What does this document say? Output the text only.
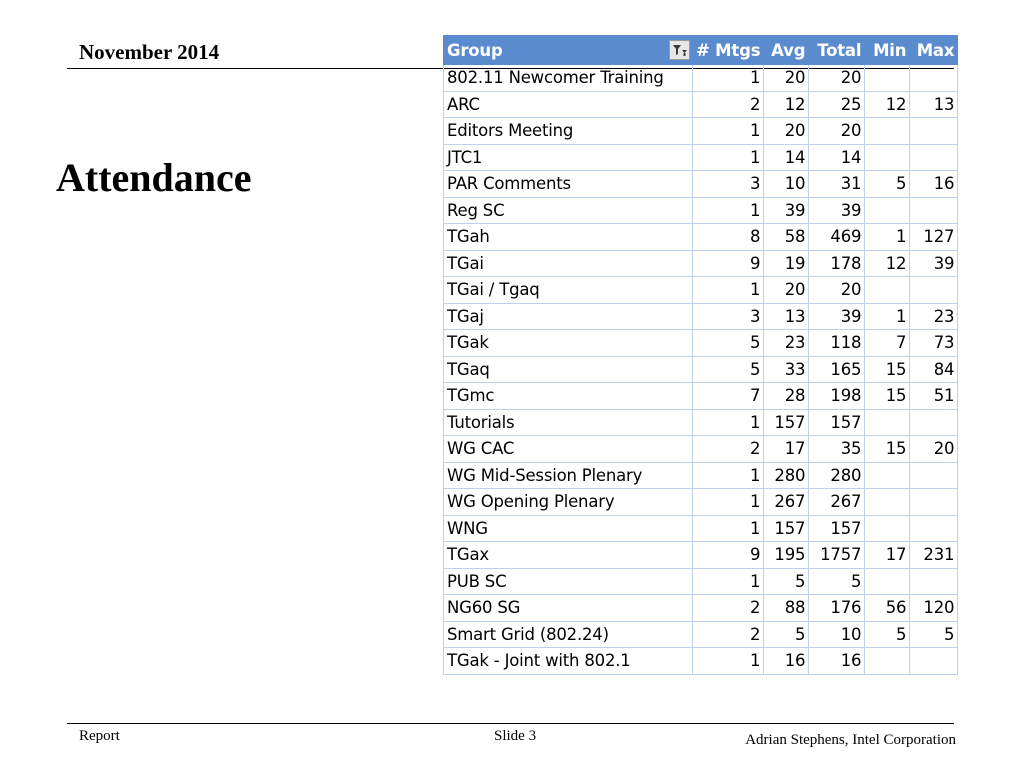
November 2014
Attendance
Group	# Mtgs	Avg	Total	Min	Max
802.11 Newcomer Training	1	20	20		
ARC	2	12	25	12	13
Editors Meeting	1	20	20		
JTC1	1	14	14		
PAR Comments	3	10	31	5	16
Reg SC	1	39	39		
TGah	8	58	469	1	127
TGai	9	19	178	12	39
TGai / Tgaq	1	20	20		
TGaj	3	13	39	1	23
TGak	5	23	118	7	73
TGaq	5	33	165	15	84
TGmc	7	28	198	15	51
Tutorials	1	157	157		
WG CAC	2	17	35	15	20
WG Mid-Session Plenary	1	280	280		
WG Opening Plenary	1	267	267		
WNG	1	157	157		
TGax	9	195	1757	17	231
PUB SC	1	5	5		
NG60 SG	2	88	176	56	120
Smart Grid (802.24)	2	5	10	5	5
TGak - Joint with 802.1	1	16	16		
Report	Slide 3	Adrian Stephens, Intel Corporation
